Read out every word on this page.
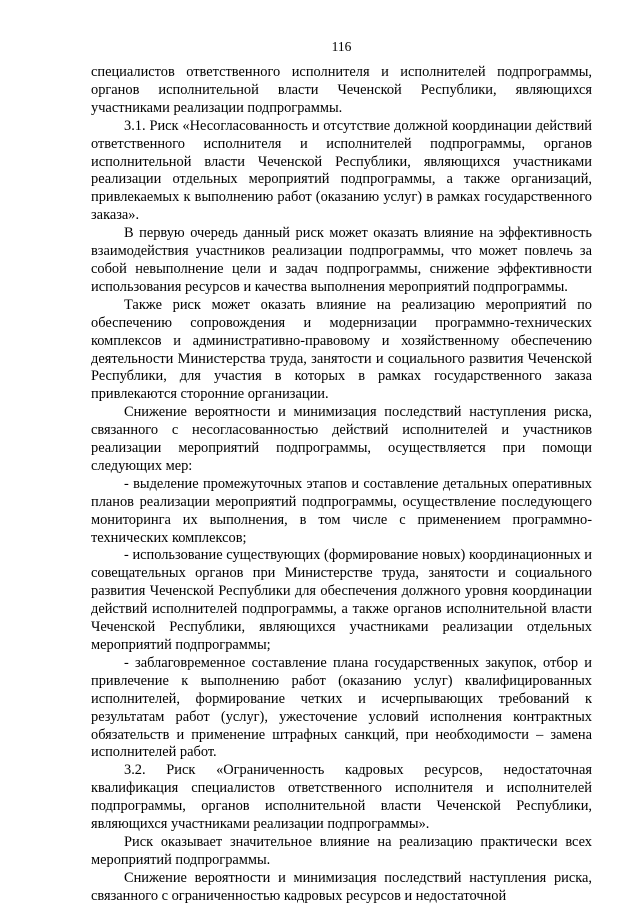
116

специалистов ответственного исполнителя и исполнителей подпрограммы, органов исполнительной власти Чеченской Республики, являющихся участниками реализации подпрограммы.

3.1. Риск «Несогласованность и отсутствие должной координации действий ответственного исполнителя и исполнителей подпрограммы, органов исполнительной власти Чеченской Республики, являющихся участниками реализации отдельных мероприятий подпрограммы, а также организаций, привлекаемых к выполнению работ (оказанию услуг) в рамках государственного заказа».

В первую очередь данный риск может оказать влияние на эффективность взаимодействия участников реализации подпрограммы, что может повлечь за собой невыполнение цели и задач подпрограммы, снижение эффективности использования ресурсов и качества выполнения мероприятий подпрограммы.

Также риск может оказать влияние на реализацию мероприятий по обеспечению сопровождения и модернизации программно-технических комплексов и административно-правовому и хозяйственному обеспечению деятельности Министерства труда, занятости и социального развития Чеченской Республики, для участия в которых в рамках государственного заказа привлекаются сторонние организации.

Снижение вероятности и минимизация последствий наступления риска, связанного с несогласованностью действий исполнителей и участников реализации мероприятий подпрограммы, осуществляется при помощи следующих мер:

- выделение промежуточных этапов и составление детальных оперативных планов реализации мероприятий подпрограммы, осуществление последующего мониторинга их выполнения, в том числе с применением программно-технических комплексов;

- использование существующих (формирование новых) координационных и совещательных органов при Министерстве труда, занятости и социального развития Чеченской Республики для обеспечения должного уровня координации действий исполнителей подпрограммы, а также органов исполнительной власти Чеченской Республики, являющихся участниками реализации отдельных мероприятий подпрограммы;

- заблаговременное составление плана государственных закупок, отбор и привлечение к выполнению работ (оказанию услуг) квалифицированных исполнителей, формирование четких и исчерпывающих требований к результатам работ (услуг), ужесточение условий исполнения контрактных обязательств и применение штрафных санкций, при необходимости – замена исполнителей работ.

3.2. Риск «Ограниченность кадровых ресурсов, недостаточная квалификация специалистов ответственного исполнителя и исполнителей подпрограммы, органов исполнительной власти Чеченской Республики, являющихся участниками реализации подпрограммы».

Риск оказывает значительное влияние на реализацию практически всех мероприятий подпрограммы.

Снижение вероятности и минимизация последствий наступления риска, связанного с ограниченностью кадровых ресурсов и недостаточной
